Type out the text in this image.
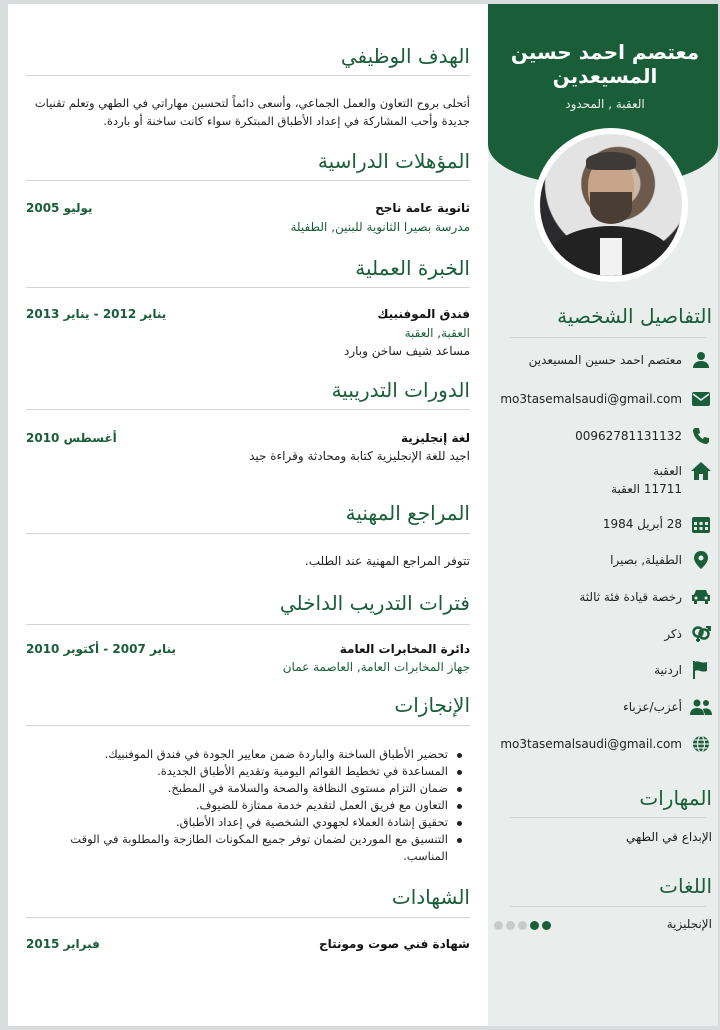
معتصم احمد حسين المسيعدين
العقبة , المحدود
التفاصيل الشخصية
معتصم احمد حسين المسيعدين
mo3tasemalsaudi@gmail.com
00962781131132
العقبة
11711 العقبة
28 أبريل 1984
الطفيلة, بصيرا
رخصة قيادة فئة ثالثة
ذكر
اردنية
أعزب/عزباء
mo3tasemalsaudi@gmail.com
المهارات
الإبداع في الطهي
اللغات
الإنجليزية
الهدف الوظيفي
أتحلى بروح التعاون والعمل الجماعي، وأسعى دائماً لتحسين مهاراتي في الطهي وتعلم تقنيات
جديدة وأحب المشاركة في إعداد الأطباق المبتكرة سواء كانت ساخنة أو باردة.
المؤهلات الدراسية
ثانوية عامة ناجح
يوليو 2005
مدرسة بصيرا الثانوية للبنين, الطفيلة
الخبرة العملية
فندق الموفنبيك
يناير 2012 - يناير 2013
العقبة, العقبة
مساعد شيف ساخن وبارد
الدورات التدريبية
لغة إنجليزية
أغسطس 2010
اجيد للغة الإنجليزية كتابة ومحادثة وقراءة جيد
المراجع المهنية
تتوفر المراجع المهنية عند الطلب.
فترات التدريب الداخلي
دائرة المخابرات العامة
يناير 2007 - أكتوبر 2010
جهاز المخابرات العامة, العاصمة عمان
الإنجازات
تحضير الأطباق الساخنة والباردة ضمن معايير الجودة في فندق الموفنبيك.
المساعدة في تخطيط القوائم اليومية وتقديم الأطباق الجديدة.
ضمان التزام مستوى النظافة والصحة والسلامة في المطبخ.
التعاون مع فريق العمل لتقديم خدمة ممتازة للضيوف.
تحقيق إشادة العملاء لجهودي الشخصية في إعداد الأطباق.
التنسيق مع الموردين لضمان توفر جميع المكونات الطازجة والمطلوبة في الوقت المناسب.
الشهادات
شهادة فني صوت ومونتاج
فبراير 2015
